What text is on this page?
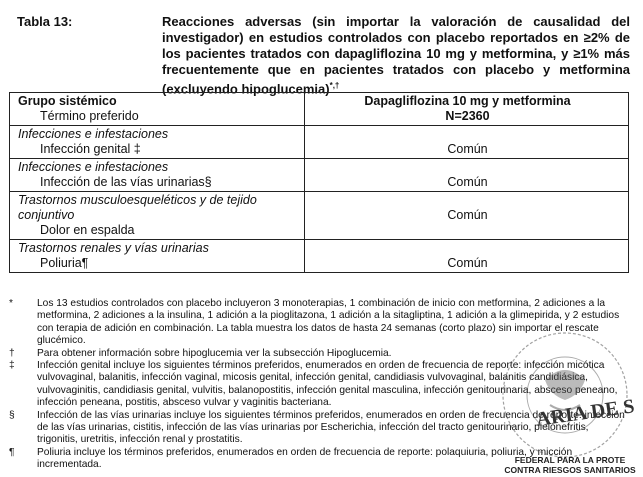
Tabla 13:	Reacciones adversas (sin importar la valoración de causalidad del investigador) en estudios controlados con placebo reportados en ≥2% de los pacientes tratados con dapagliflozina 10 mg y metformina, y ≥1% más frecuentemente que en pacientes tratados con placebo y metformina (excluyendo hipoglucemia)*,†
Grupo sistémico
Término preferido	Dapagliflozina 10 mg y metformina
N=2360

Infecciones e infestaciones
Infección genital ‡	Común

Infecciones e infestaciones
Infección de las vías urinarias§	Común

Trastornos musculoesqueléticos y de tejido conjuntivo
Dolor en espalda	Común

Trastornos renales y vías urinarias
Poliuria¶	Común
*	Los 13 estudios controlados con placebo incluyeron 3 monoterapias, 1 combinación de inicio con metformina, 2 adiciones a la metformina, 2 adiciones a la insulina, 1 adición a la pioglitazona, 1 adición a la sitagliptina, 1 adición a la glimepirida, y 2 estudios con terapia de adición en combinación. La tabla muestra los datos de hasta 24 semanas (corto plazo) sin importar el rescate glucémico.
†	Para obtener información sobre hipoglucemia ver la subsección Hipoglucemia.
‡	Infección genital incluye los siguientes términos preferidos, enumerados en orden de frecuencia de reporte: infección micótica vulvovaginal, balanitis, infección vaginal, micosis genital, infección genital, candidiasis vulvovaginal, balanitis candidiásica, vulvovaginitis, candidiasis genital, vulvitis, balanopostitis, infección genital masculina, infección genitourinaria, absceso peneano, infección peneana, postitis, absceso vulvar y vaginitis bacteriana.
§	Infección de las vías urinarias incluye los siguientes términos preferidos, enumerados en orden de frecuencia de reporte: infección de las vías urinarias, cistitis, infección de las vías urinarias por Escherichia, infección del tracto genitourinario, pielonefritis, trigonitis, uretritis, infección renal y prostatitis.
¶	Poliuria incluye los términos preferidos, enumerados en orden de frecuencia de reporte: polaquiuria, poliuria, y micción incrementada.
ARIA DE S
FEDERAL PARA LA PROTE
CONTRA RIESGOS SANITARIOS
